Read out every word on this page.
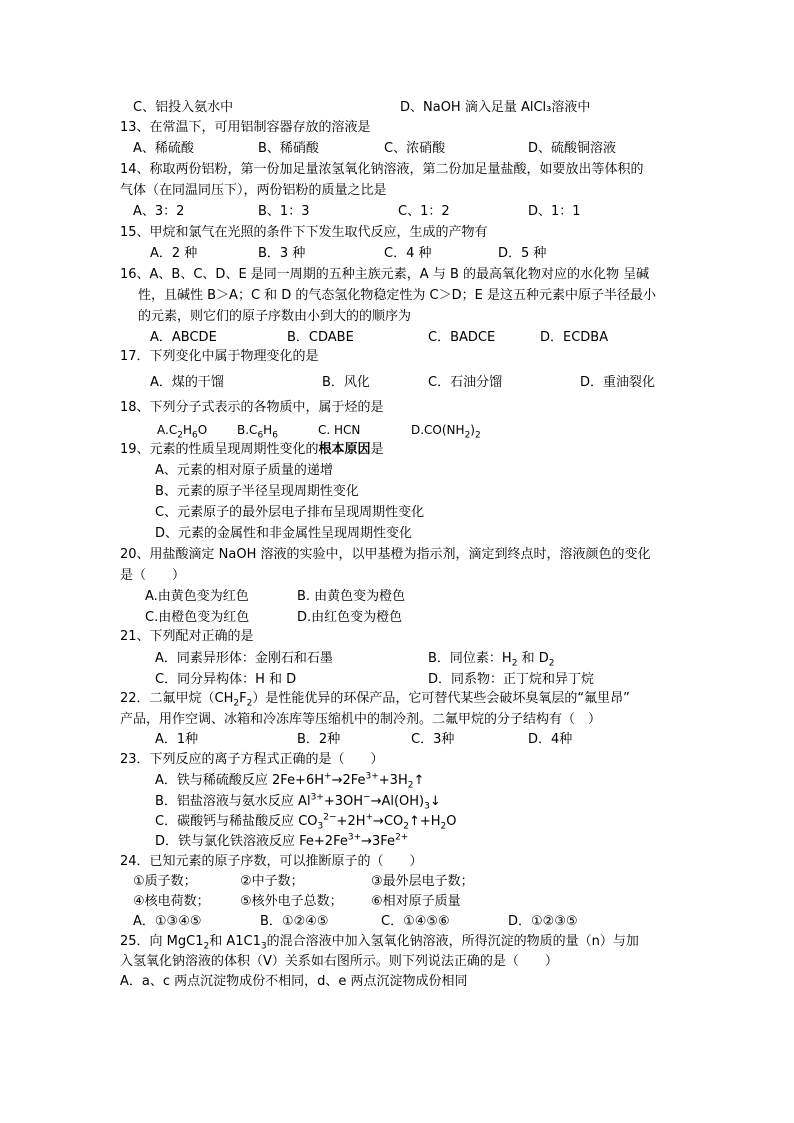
C、铝投入氨水中	D、NaOH 滴入足量 AlCl₃溶液中
13、在常温下，可用铝制容器存放的溶液是
A、稀硫酸	B、稀硝酸	C、浓硝酸	D、硫酸铜溶液
14、称取两份铝粉，第一份加足量浓氢氧化钠溶液，第二份加足量盐酸，如要放出等体积的
气体（在同温同压下），两份铝粉的质量之比是
A、3：2	B、1：3	C、1：2	D、1：1
15、甲烷和氯气在光照的条件下下发生取代反应，生成的产物有
A．2 种	B．3 种	C．4 种	D．5 种
16、A、B、C、D、E 是同一周期的五种主族元素，A 与 B 的最高氧化物对应的水化物 呈碱
性，且碱性 B＞A；C 和 D 的气态氢化物稳定性为 C＞D；E 是这五种元素中原子半径最小
的元素，则它们的原子序数由小到大的的顺序为
A．ABCDE	B．CDABE	C．BADCE	D．ECDBA
17．下列变化中属于物理变化的是
A．煤的干馏	B．风化	C．石油分馏	D．重油裂化
18、下列分子式表示的各物质中，属于烃的是
$A.C_2H_6O$ $B.C_6H_6$	C. HCN	$D.CO(NH_2)_2$
19、元素的性质呈现周期性变化的根本原因是
A、元素的相对原子质量的递增
B、元素的原子半径呈现周期性变化
C、元素原子的最外层电子排布呈现周期性变化
D、元素的金属性和非金属性呈现周期性变化
20、用盐酸滴定 NaOH 溶液的实验中，以甲基橙为指示剂，滴定到终点时，溶液颜色的变化
是（　　）
A.由黄色变为红色	B. 由黄色变为橙色
C.由橙色变为红色	D.由红色变为橙色
21、下列配对正确的是
A．同素异形体：金刚石和石墨	B．同位素：$H_2$ 和 $D_2$
C．同分异构体：H 和 D	D．同系物：正丁烷和异丁烷
22．二氟甲烷$(CH_2F_2)$是性能优异的环保产品，它可替代某些会破坏臭氧层的“氟里昂”
产品，用作空调、冰箱和冷冻库等压缩机中的制冷剂。二氟甲烷的分子结构有（　）
A．1种	B．2种	C．3种	D．4种
23．下列反应的离子方程式正确的是（　　）
A．铁与稀硫酸反应 $2Fe+6H^+\to 2Fe^{3+}+3H_2↑$
B．铝盐溶液与氨水反应 $Al^{3+}+3OH^-\to Al(OH)_3↓$
C．碳酸钙与稀盐酸反应 $CO_3^{2-}+2H^+\to CO_2↑+H_2O$
D．铁与氯化铁溶液反应 $Fe+2Fe^{3+}\to 3Fe^{2+}$
24．已知元素的原子序数，可以推断原子的（　　）
①质子数；	②中子数；	③最外层电子数；
④核电荷数； ⑤核外电子总数； ⑥相对原子质量
A．①③④⑤	B．①②④⑤	C．①④⑤⑥	D．①②③⑤
25．向 $MgC1_2$和 $A1C1_3$的混合溶液中加入氢氧化钠溶液，所得沉淀的物质的量（n）与加
入氢氧化钠溶液的体积（V）关系如右图所示。则下列说法正确的是（　　）
A．a、c 两点沉淀物成份不相同，d、e 两点沉淀物成份相同
